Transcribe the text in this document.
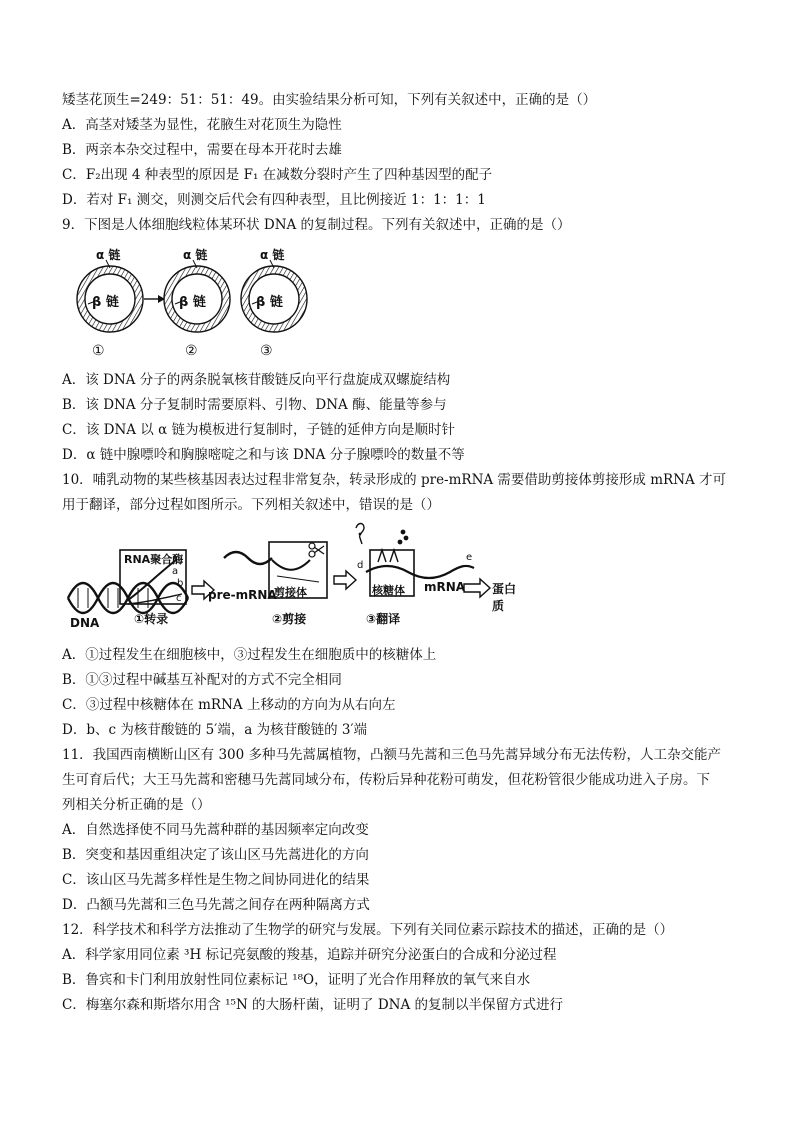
矮茎花顶生=249：51：51：49。由实验结果分析可知，下列有关叙述中，正确的是（）
A．高茎对矮茎为显性，花腋生对花顶生为隐性
B．两亲本杂交过程中，需要在母本开花时去雄
C．F₂出现 4 种表型的原因是 F₁ 在减数分裂时产生了四种基因型的配子
D．若对 F₁ 测交，则测交后代会有四种表型，且比例接近 1：1：1：1
9．下图是人体细胞线粒体某环状 DNA 的复制过程。下列有关叙述中，正确的是（）
α 链	α 链	α 链
β 链	β 链	β 链
①	②	③
A．该 DNA 分子的两条脱氧核苷酸链反向平行盘旋成双螺旋结构
B．该 DNA 分子复制时需要原料、引物、DNA 酶、能量等参与
C．该 DNA 以 α 链为模板进行复制时，子链的延伸方向是顺时针
D．α 链中腺嘌呤和胸腺嘧啶之和与该 DNA 分子腺嘌呤的数量不等
10．哺乳动物的某些核基因表达过程非常复杂，转录形成的 pre-mRNA 需要借助剪接体剪接形成 mRNA 才可
用于翻译，部分过程如图所示。下列相关叙述中，错误的是（）
RNA聚合酶
a
b
c
DNA	①转录
pre-mRNA
剪接体
②剪接
d
e
核糖体 mRNA
③翻译
蛋白质
A．①过程发生在细胞核中，③过程发生在细胞质中的核糖体上
B．①③过程中碱基互补配对的方式不完全相同
C．③过程中核糖体在 mRNA 上移动的方向为从右向左
D．b、c 为核苷酸链的 5′端，a 为核苷酸链的 3′端
11．我国西南横断山区有 300 多种马先蒿属植物，凸额马先蒿和三色马先蒿异域分布无法传粉，人工杂交能产
生可育后代；大王马先蒿和密穗马先蒿同域分布，传粉后异种花粉可萌发，但花粉管很少能成功进入子房。下
列相关分析正确的是（）
A．自然选择使不同马先蒿种群的基因频率定向改变
B．突变和基因重组决定了该山区马先蒿进化的方向
C．该山区马先蒿多样性是生物之间协同进化的结果
D．凸额马先蒿和三色马先蒿之间存在两种隔离方式
12．科学技术和科学方法推动了生物学的研究与发展。下列有关同位素示踪技术的描述，正确的是（）
A．科学家用同位素 ³H 标记亮氨酸的羧基，追踪并研究分泌蛋白的合成和分泌过程
B．鲁宾和卡门利用放射性同位素标记 ¹⁸O，证明了光合作用释放的氧气来自水
C．梅塞尔森和斯塔尔用含 ¹⁵N 的大肠杆菌，证明了 DNA 的复制以半保留方式进行
